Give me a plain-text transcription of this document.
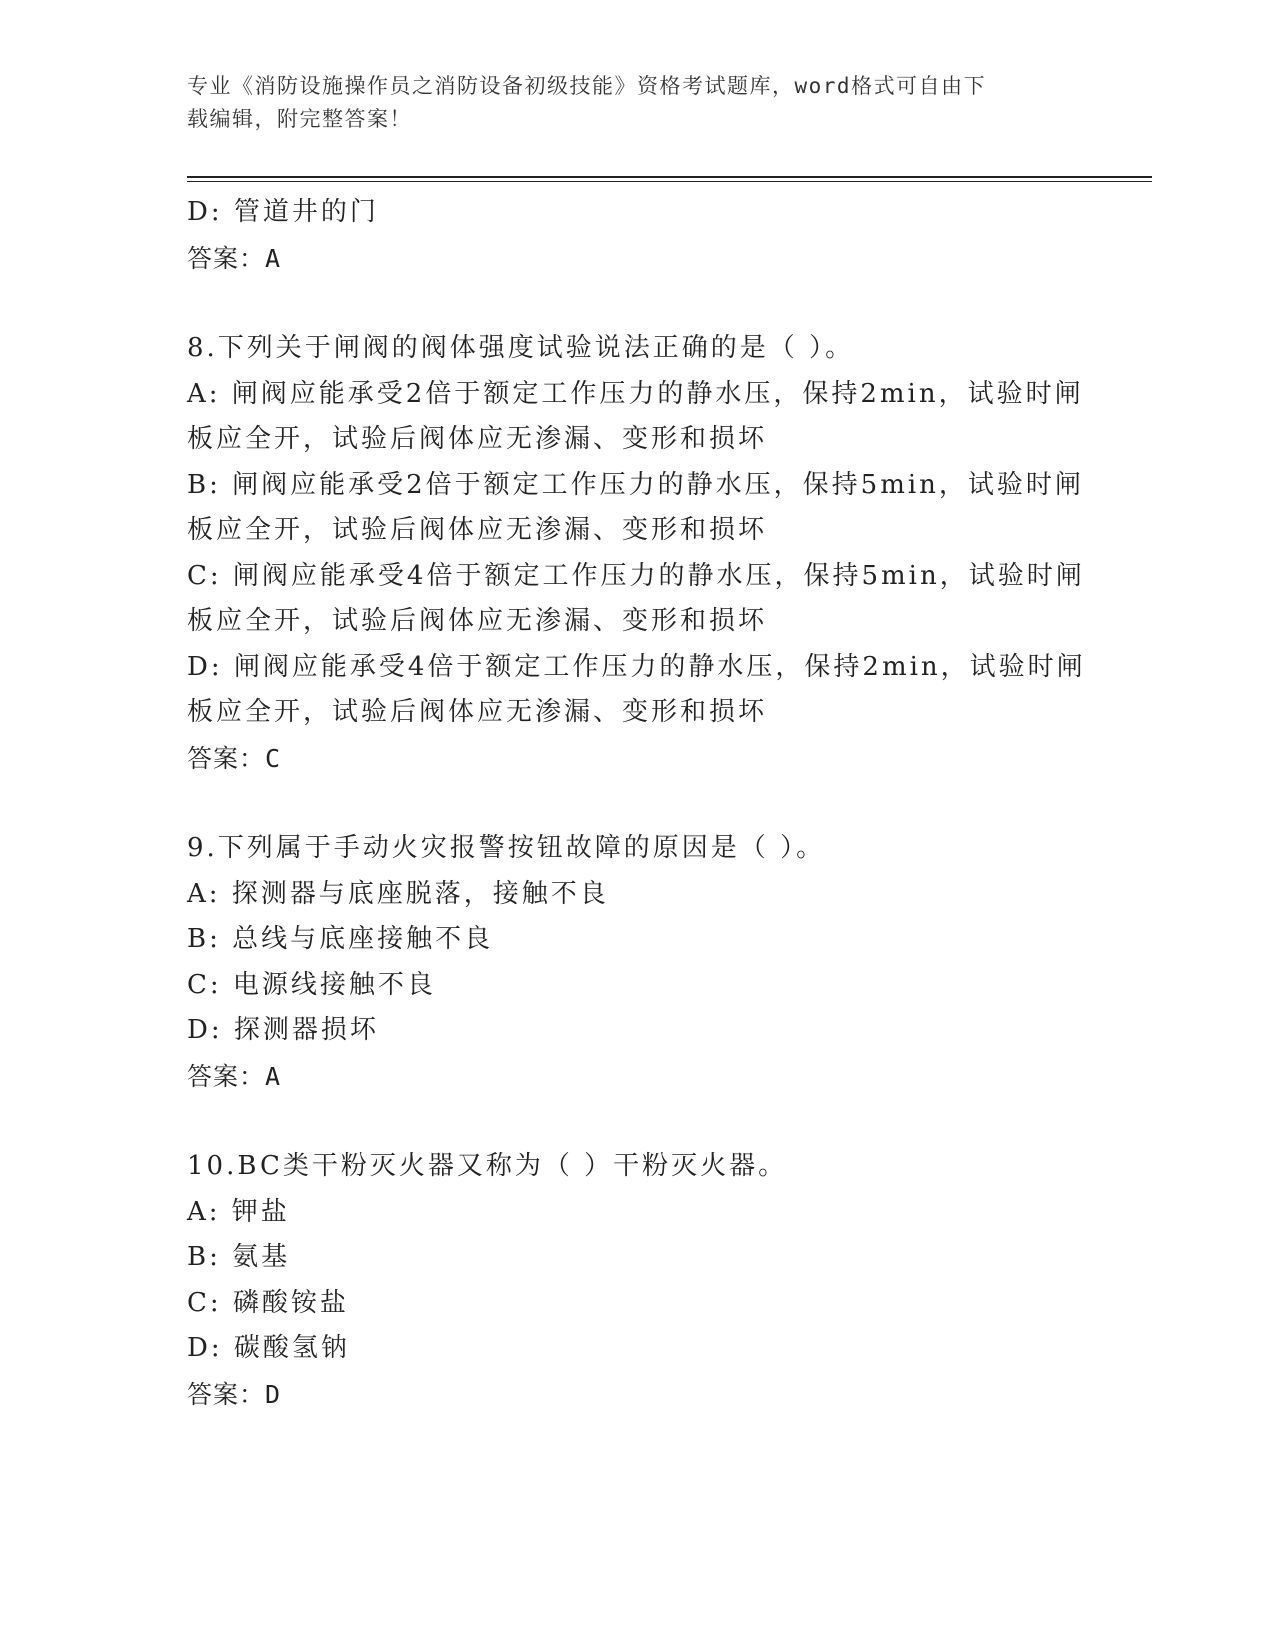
专业《消防设施操作员之消防设备初级技能》资格考试题库，word格式可自由下
载编辑，附完整答案！
D: 管道井的门
答案：A
8.下列关于闸阀的阀体强度试验说法正确的是（ ）。
A: 闸阀应能承受2倍于额定工作压力的静水压，保持2min，试验时闸
板应全开，试验后阀体应无渗漏、变形和损坏
B: 闸阀应能承受2倍于额定工作压力的静水压，保持5min，试验时闸
板应全开，试验后阀体应无渗漏、变形和损坏
C: 闸阀应能承受4倍于额定工作压力的静水压，保持5min，试验时闸
板应全开，试验后阀体应无渗漏、变形和损坏
D: 闸阀应能承受4倍于额定工作压力的静水压，保持2min，试验时闸
板应全开，试验后阀体应无渗漏、变形和损坏
答案：C
9.下列属于手动火灾报警按钮故障的原因是（ ）。
A: 探测器与底座脱落，接触不良
B: 总线与底座接触不良
C: 电源线接触不良
D: 探测器损坏
答案：A
10.BC类干粉灭火器又称为（ ）干粉灭火器。
A: 钾盐
B: 氨基
C: 磷酸铵盐
D: 碳酸氢钠
答案：D
